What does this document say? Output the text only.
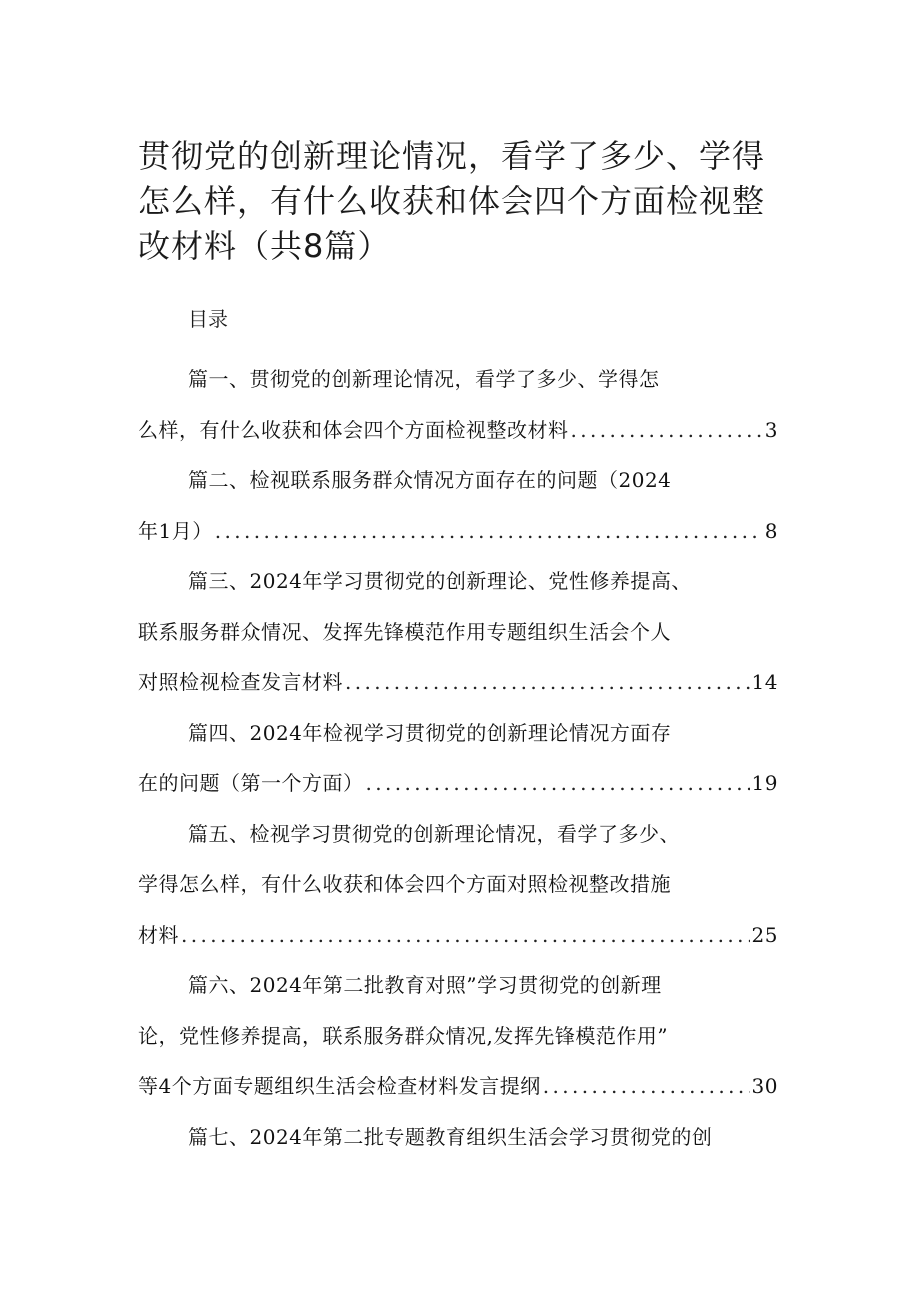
贯彻党的创新理论情况，看学了多少、学得
怎么样，有什么收获和体会四个方面检视整
改材料（共8篇）
目录
篇一、贯彻党的创新理论情况，看学了多少、学得怎
么样，有什么收获和体会四个方面检视整改材料 .....	3
篇二、检视联系服务群众情况方面存在的问题（2024
年1月） .....	8
篇三、2024年学习贯彻党的创新理论、党性修养提高、
联系服务群众情况、发挥先锋模范作用专题组织生活会个人
对照检视检查发言材料 .....	14
篇四、2024年检视学习贯彻党的创新理论情况方面存
在的问题（第一个方面） .....	19
篇五、检视学习贯彻党的创新理论情况，看学了多少、
学得怎么样，有什么收获和体会四个方面对照检视整改措施
材料 .....	25
篇六、2024年第二批教育对照”学习贯彻党的创新理
论，党性修养提高，联系服务群众情况,发挥先锋模范作用”
等4个方面专题组织生活会检查材料发言提纲 .....	30
篇七、2024年第二批专题教育组织生活会学习贯彻党的创
